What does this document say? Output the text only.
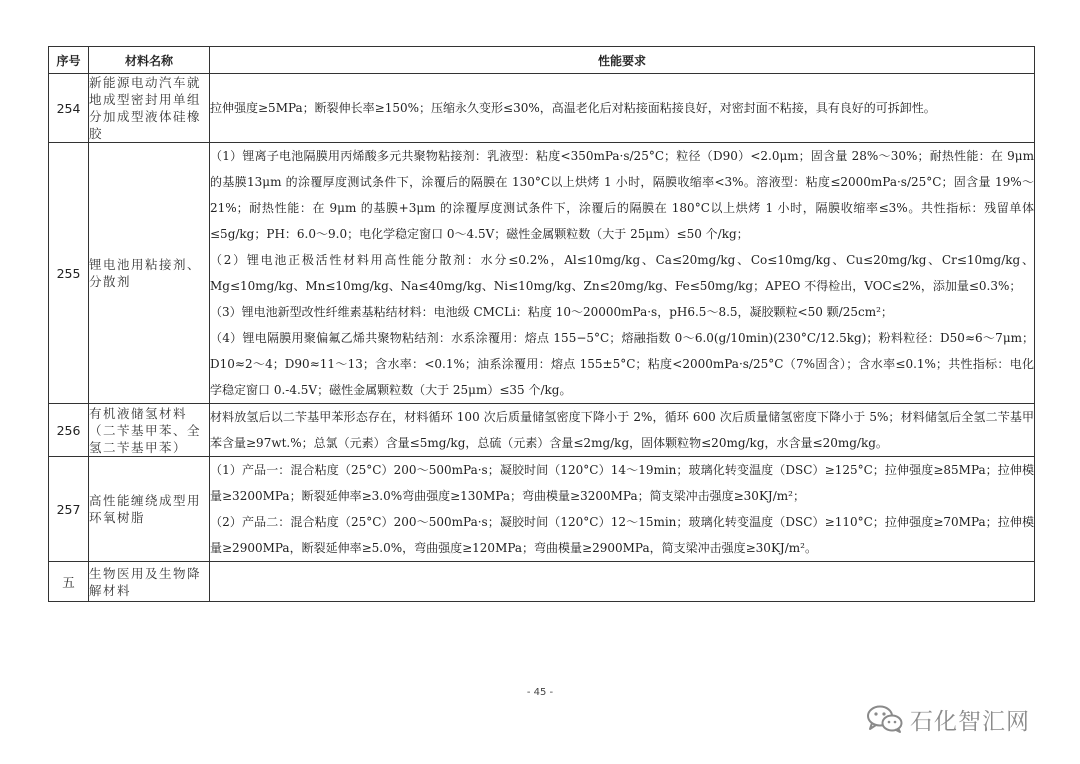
序号	材料名称	性能要求
254	新能源电动汽车就地成型密封用单组分加成型液体硅橡胶	拉伸强度≥5MPa；断裂伸长率≥150%；压缩永久变形≤30%，高温老化后对粘接面粘接良好，对密封面不粘接，具有良好的可拆卸性。

255	锂电池用粘接剂、分散剂	（1）锂离子电池隔膜用丙烯酸多元共聚物粘接剂：乳液型：粘度<350mPa·s/25°C；粒径（D90）<2.0μm；固含量 28%～30%；耐热性能：在 9μm 的基膜13μm 的涂覆厚度测试条件下，涂覆后的隔膜在 130°C以上烘烤 1 小时，隔膜收缩率<3%。溶液型：粘度≤2000mPa·s/25°C；固含量 19%～21%；耐热性能：在 9μm 的基膜+3μm 的涂覆厚度测试条件下，涂覆后的隔膜在 180°C以上烘烤 1 小时，隔膜收缩率≤3%。共性指标：残留单体≤5g/kg；PH：6.0～9.0；电化学稳定窗口 0～4.5V；磁性金属颗粒数（大于 25μm）≤50 个/kg；
（2）锂电池正极活性材料用高性能分散剂：水分≤0.2%，Al≤10mg/kg、Ca≤20mg/kg、Co≤10mg/kg、Cu≤20mg/kg、Cr≤10mg/kg、Mg≤10mg/kg、Mn≤10mg/kg、Na≤40mg/kg、Ni≤10mg/kg、Zn≤20mg/kg、Fe≤50mg/kg；APEO 不得检出，VOC≤2%，添加量≤0.3%；
（3）锂电池新型改性纤维素基粘结材料：电池级 CMCLi：粘度 10～20000mPa·s，pH6.5～8.5，凝胶颗粒<50 颗/25cm²；
（4）锂电隔膜用聚偏氟乙烯共聚物粘结剂：水系涂覆用：熔点 155−5°C；熔融指数 0～6.0(g/10min)(230°C/12.5kg)；粉料粒径：D50≈6～7μm；D10≈2～4；D90≈11～13；含水率：<0.1%；油系涂覆用：熔点 155±5°C；粘度<2000mPa·s/25°C（7%固含）；含水率≤0.1%；共性指标：电化学稳定窗口 0.-4.5V；磁性金属颗粒数（大于 25μm）≤35 个/kg。

256	有机液储氢材料（二苄基甲苯、全氢二苄基甲苯）	材料放氢后以二苄基甲苯形态存在，材料循环 100 次后质量储氢密度下降小于 2%，循环 600 次后质量储氢密度下降小于 5%；材料储氢后全氢二苄基甲苯含量≥97wt.%；总氯（元素）含量≤5mg/kg，总硫（元素）含量≤2mg/kg，固体颗粒物≤20mg/kg，水含量≤20mg/kg。

257	高性能缠绕成型用环氧树脂	（1）产品一：混合粘度（25°C）200～500mPa·s；凝胶时间（120°C）14～19min；玻璃化转变温度（DSC）≥125°C；拉伸强度≥85MPa；拉伸模量≥3200MPa；断裂延伸率≥3.0%弯曲强度≥130MPa；弯曲模量≥3200MPa；简支梁冲击强度≥30KJ/m²；
（2）产品二：混合粘度（25°C）200～500mPa·s；凝胶时间（120°C）12～15min；玻璃化转变温度（DSC）≥110°C；拉伸强度≥70MPa；拉伸模量≥2900MPa，断裂延伸率≥5.0%，弯曲强度≥120MPa；弯曲模量≥2900MPa，简支梁冲击强度≥30KJ/m²。

五	生物医用及生物降解材料	
- 45 -
石化智汇网
